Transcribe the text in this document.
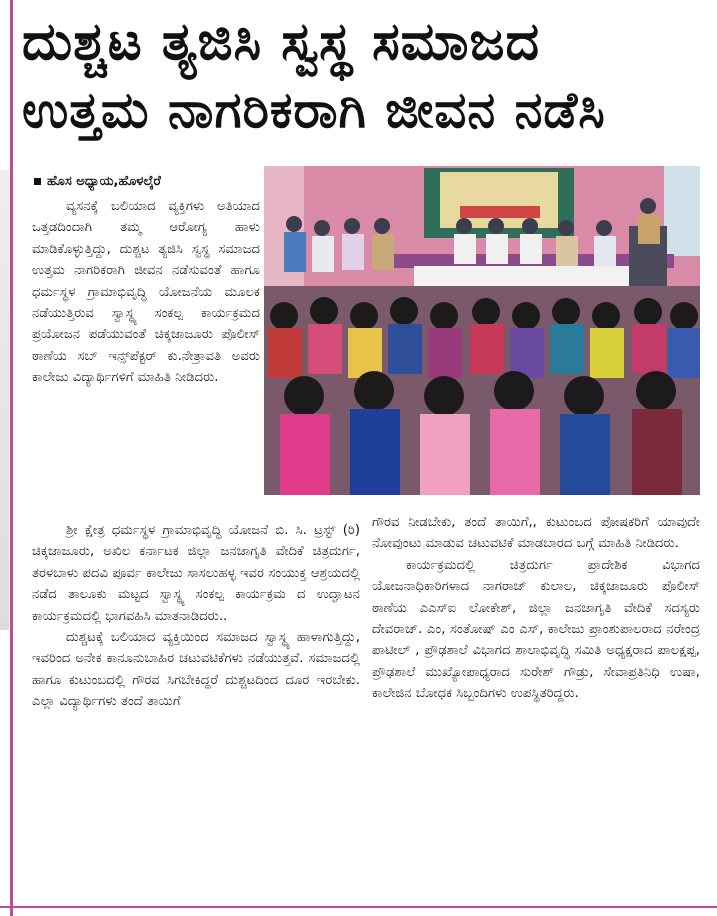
ದುಶ್ಚಟ ತ್ಯಜಿಸಿ ಸ್ವಸ್ಥ ಸಮಾಜದ
ಉತ್ತಮ ನಾಗರಿಕರಾಗಿ ಜೀವನ ನಡೆಸಿ
ಹೊಸ ಅಧ್ಯಾಯ,ಹೊಳಲ್ಕೆರೆ

ವ್ಯಸನಕ್ಕೆ ಬಲಿಯಾದ ವ್ಯಕ್ತಿಗಳು ಅತಿಯಾದ ಒತ್ತಡದಿಂದಾಗಿ ತಮ್ಮ ಆರೋಗ್ಯ ಹಾಳು ಮಾಡಿಕೊಳ್ಳುತ್ತಿದ್ದು, ದುಶ್ಚಟ ತ್ಯಜಿಸಿ ಸ್ವಸ್ಥ ಸಮಾಜದ ಉತ್ತಮ ನಾಗರಿಕರಾಗಿ ಜೀವನ ನಡೆಸುವಂತೆ ಹಾಗೂ ಧರ್ಮಸ್ಥಳ ಗ್ರಾಮಾಭಿವೃದ್ಧಿ ಯೋಜನೆಯ ಮೂಲಕ ನಡೆಯುತ್ತಿರುವ ಸ್ವಾಸ್ಥ್ಯ ಸಂಕಲ್ಪ ಕಾರ್ಯಕ್ರಮದ ಪ್ರಯೋಜನ ಪಡೆಯುವಂತೆ ಚಿಕ್ಕಜಾಜೂರು ಪೊಲೀಸ್ ಠಾಣೆಯ ಸಬ್ ಇನ್ಸ್‌ಪೆಕ್ಟರ್ ಕು.ನೇತ್ರಾವತಿ ಅವರು ಕಾಲೇಜು ವಿದ್ಯಾರ್ಥಿಗಳಿಗೆ ಮಾಹಿತಿ ನೀಡಿದರು.

ಶ್ರೀ ಕ್ಷೇತ್ರ ಧರ್ಮಸ್ಥಳ ಗ್ರಾಮಾಭಿವೃದ್ಧಿ ಯೋಜನೆ ಬಿ. ಸಿ. ಟ್ರಸ್ಟ್ (ರಿ) ಚಿಕ್ಕಜಾಜೂರು, ಅಖಿಲ ಕರ್ನಾಟಕ ಜಿಲ್ಲಾ ಜನಜಾಗೃತಿ ವೇದಿಕೆ ಚಿತ್ರದುರ್ಗ, ತರಳಬಾಳು ಪದವಿ ಪೂರ್ವ ಕಾಲೇಜು ಸಾಸಲುಹಳ್ಳ ಇವರ ಸಂಯುಕ್ತ ಆಶ್ರಯದಲ್ಲಿ ನಡೆದ ತಾಲೂಕು ಮಟ್ಟದ ಸ್ವಾಸ್ಥ್ಯ ಸಂಕಲ್ಪ ಕಾರ್ಯಕ್ರಮ ದ ಉದ್ಘಾಟನ ಕಾರ್ಯಕ್ರಮದಲ್ಲಿ ಭಾಗವಹಿಸಿ ಮಾತನಾಡಿದರು..

ದುಶ್ಚಟಕ್ಕೆ ಬಲಿಯಾದ ವ್ಯಕ್ತಿಯಿಂದ ಸಮಾಜದ ಸ್ವಾಸ್ಥ್ಯ ಹಾಳಾಗುತ್ತಿದ್ದು, ಇವರಿಂದ ಅನೇಕ ಕಾನೂನುಬಾಹಿರ ಚಟುವಟಿಕೆಗಳು ನಡೆಯುತ್ತವೆ. ಸಮಾಜದಲ್ಲಿ ಹಾಗೂ ಕುಟುಂಬದಲ್ಲಿ ಗೌರವ ಸಿಗಬೇಕಿದ್ದರೆ ದುಶ್ಚಟದಿಂದ ದೂರ ಇರಬೇಕು. ಎಲ್ಲಾ ವಿದ್ಯಾರ್ಥಿಗಳು ತಂದೆ ತಾಯಿಗೆ

ಗೌರವ ನೀಡಬೇಕು, ತಂದೆ ತಾಯಿಗೆ,, ಕುಟುಂಬದ ಪೋಷಕರಿಗೆ ಯಾವುದೇ ನೋವುಂಟು ಮಾಡುವ ಚಟುವಟಿಕೆ ಮಾಡಬಾರದ ಬಗ್ಗೆ ಮಾಹಿತಿ ನೀಡಿದರು.

ಕಾರ್ಯಕ್ರಮದಲ್ಲಿ ಚಿತ್ರದುರ್ಗ ಪ್ರಾದೇಶಿಕ ವಿಭಾಗದ ಯೋಜನಾಧಿಕಾರಿಗಳಾದ ನಾಗರಾಜ್ ಕುಲಾಲ, ಚಿಕ್ಕಜಾಜೂರು ಪೊಲೀಸ್ ಠಾಣೆಯ ಎಎಸ್ಐ ಲೋಕೇಶ್, ಜಿಲ್ಲಾ ಜನಜಾಗೃತಿ ವೇದಿಕೆ ಸದಸ್ಯರು ದೇವರಾಜ್. ಎಂ, ಸಂತೋಷ್ ಎಂ ಎಸ್, ಕಾಲೇಜು ಪ್ರಾಂಶುಪಾಲರಾದ ನರೇಂದ್ರ ಪಾಟೀಲ್ , ಪ್ರೌಢಶಾಲೆ ವಿಭಾಗದ ಶಾಲಾಭಿವೃದ್ಧಿ ಸಮಿತಿ ಅಧ್ಯಕ್ಷರಾದ ಪಾಲಕ್ಷಪ್ಪ, ಪ್ರೌಢಶಾಲೆ ಮುಖ್ಯೋಪಾಧ್ಯರಾದ ಸುರೇಶ್ ಗೌಡ್ರು, ಸೇವಾಪ್ರತಿನಿಧಿ ಉಷಾ, ಕಾಲೇಜಿನ ಬೋಧಕ ಸಿಬ್ಬಂದಿಗಳು ಉಪಸ್ಥಿತರಿದ್ದರು.
